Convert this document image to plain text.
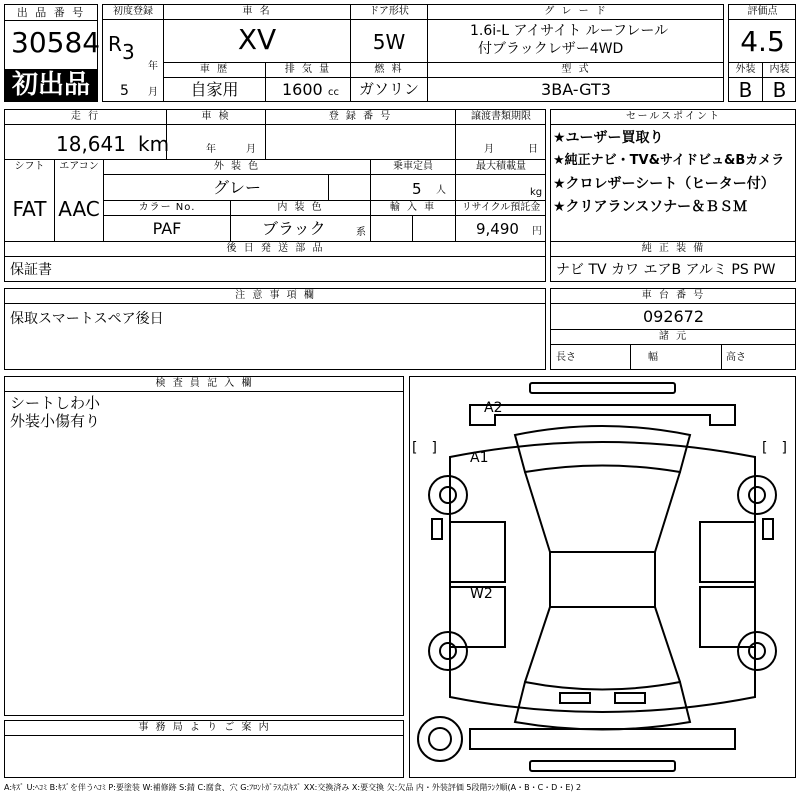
出 品 番 号
30584
初出品
初度登録
R 3
年
5 月
車 名
XV
ドア形状
5W
グ レ ー ド
1.6i-L アイサイト ルーフレール
付ブラックレザー4WD
車 歴
自家用
排 気 量
1600 cc
燃 料
ガソリン
型 式
3BA-GT3
評価点
4.5
外装	内装
B	B
走 行
18,641 km
車 検
年	月
登 録 番 号	譲渡書類期限
月	日
シフト
FAT
エアコン
AAC
外 装 色
グレー
乗車定員
5 人
最大積載量
kg
カラー No.
PAF
内 装 色
ブラック	系
輸 入 車	リサイクル預託金
9,490 円
後 日 発 送 部 品
保証書
セールスポイント
★ユーザー買取り
★純正ナビ・TV&サイドビュ&Bカメラ
★クロレザーシート（ヒーター付）
★クリアランスソナー＆ＢＳＭ
純 正 装 備
ナビ TV カワ エアB アルミ PS PW
注 意 事 項 欄
保取スマートスペア後日
車 台 番 号
092672
諸 元
長さ	幅	高さ
検 査 員 記 入 欄
シートしわ小
外装小傷有り
事 務 局 よ り ご 案 内
A2
A1
W2
[　]	[　]
A:ｷｽﾞ U:ﾍｺﾐ B:ｷｽﾞを伴うﾍｺﾐ P:要塗装 W:補修跡 S:錆 C:腐食、穴 G:ﾌﾛﾝﾄｶﾞﾗｽ点ｷｽﾞ XX:交換済み X:要交換 欠:欠品 内・外装評価 5段階ﾗﾝｸ順(A・B・C・D・E) 2
